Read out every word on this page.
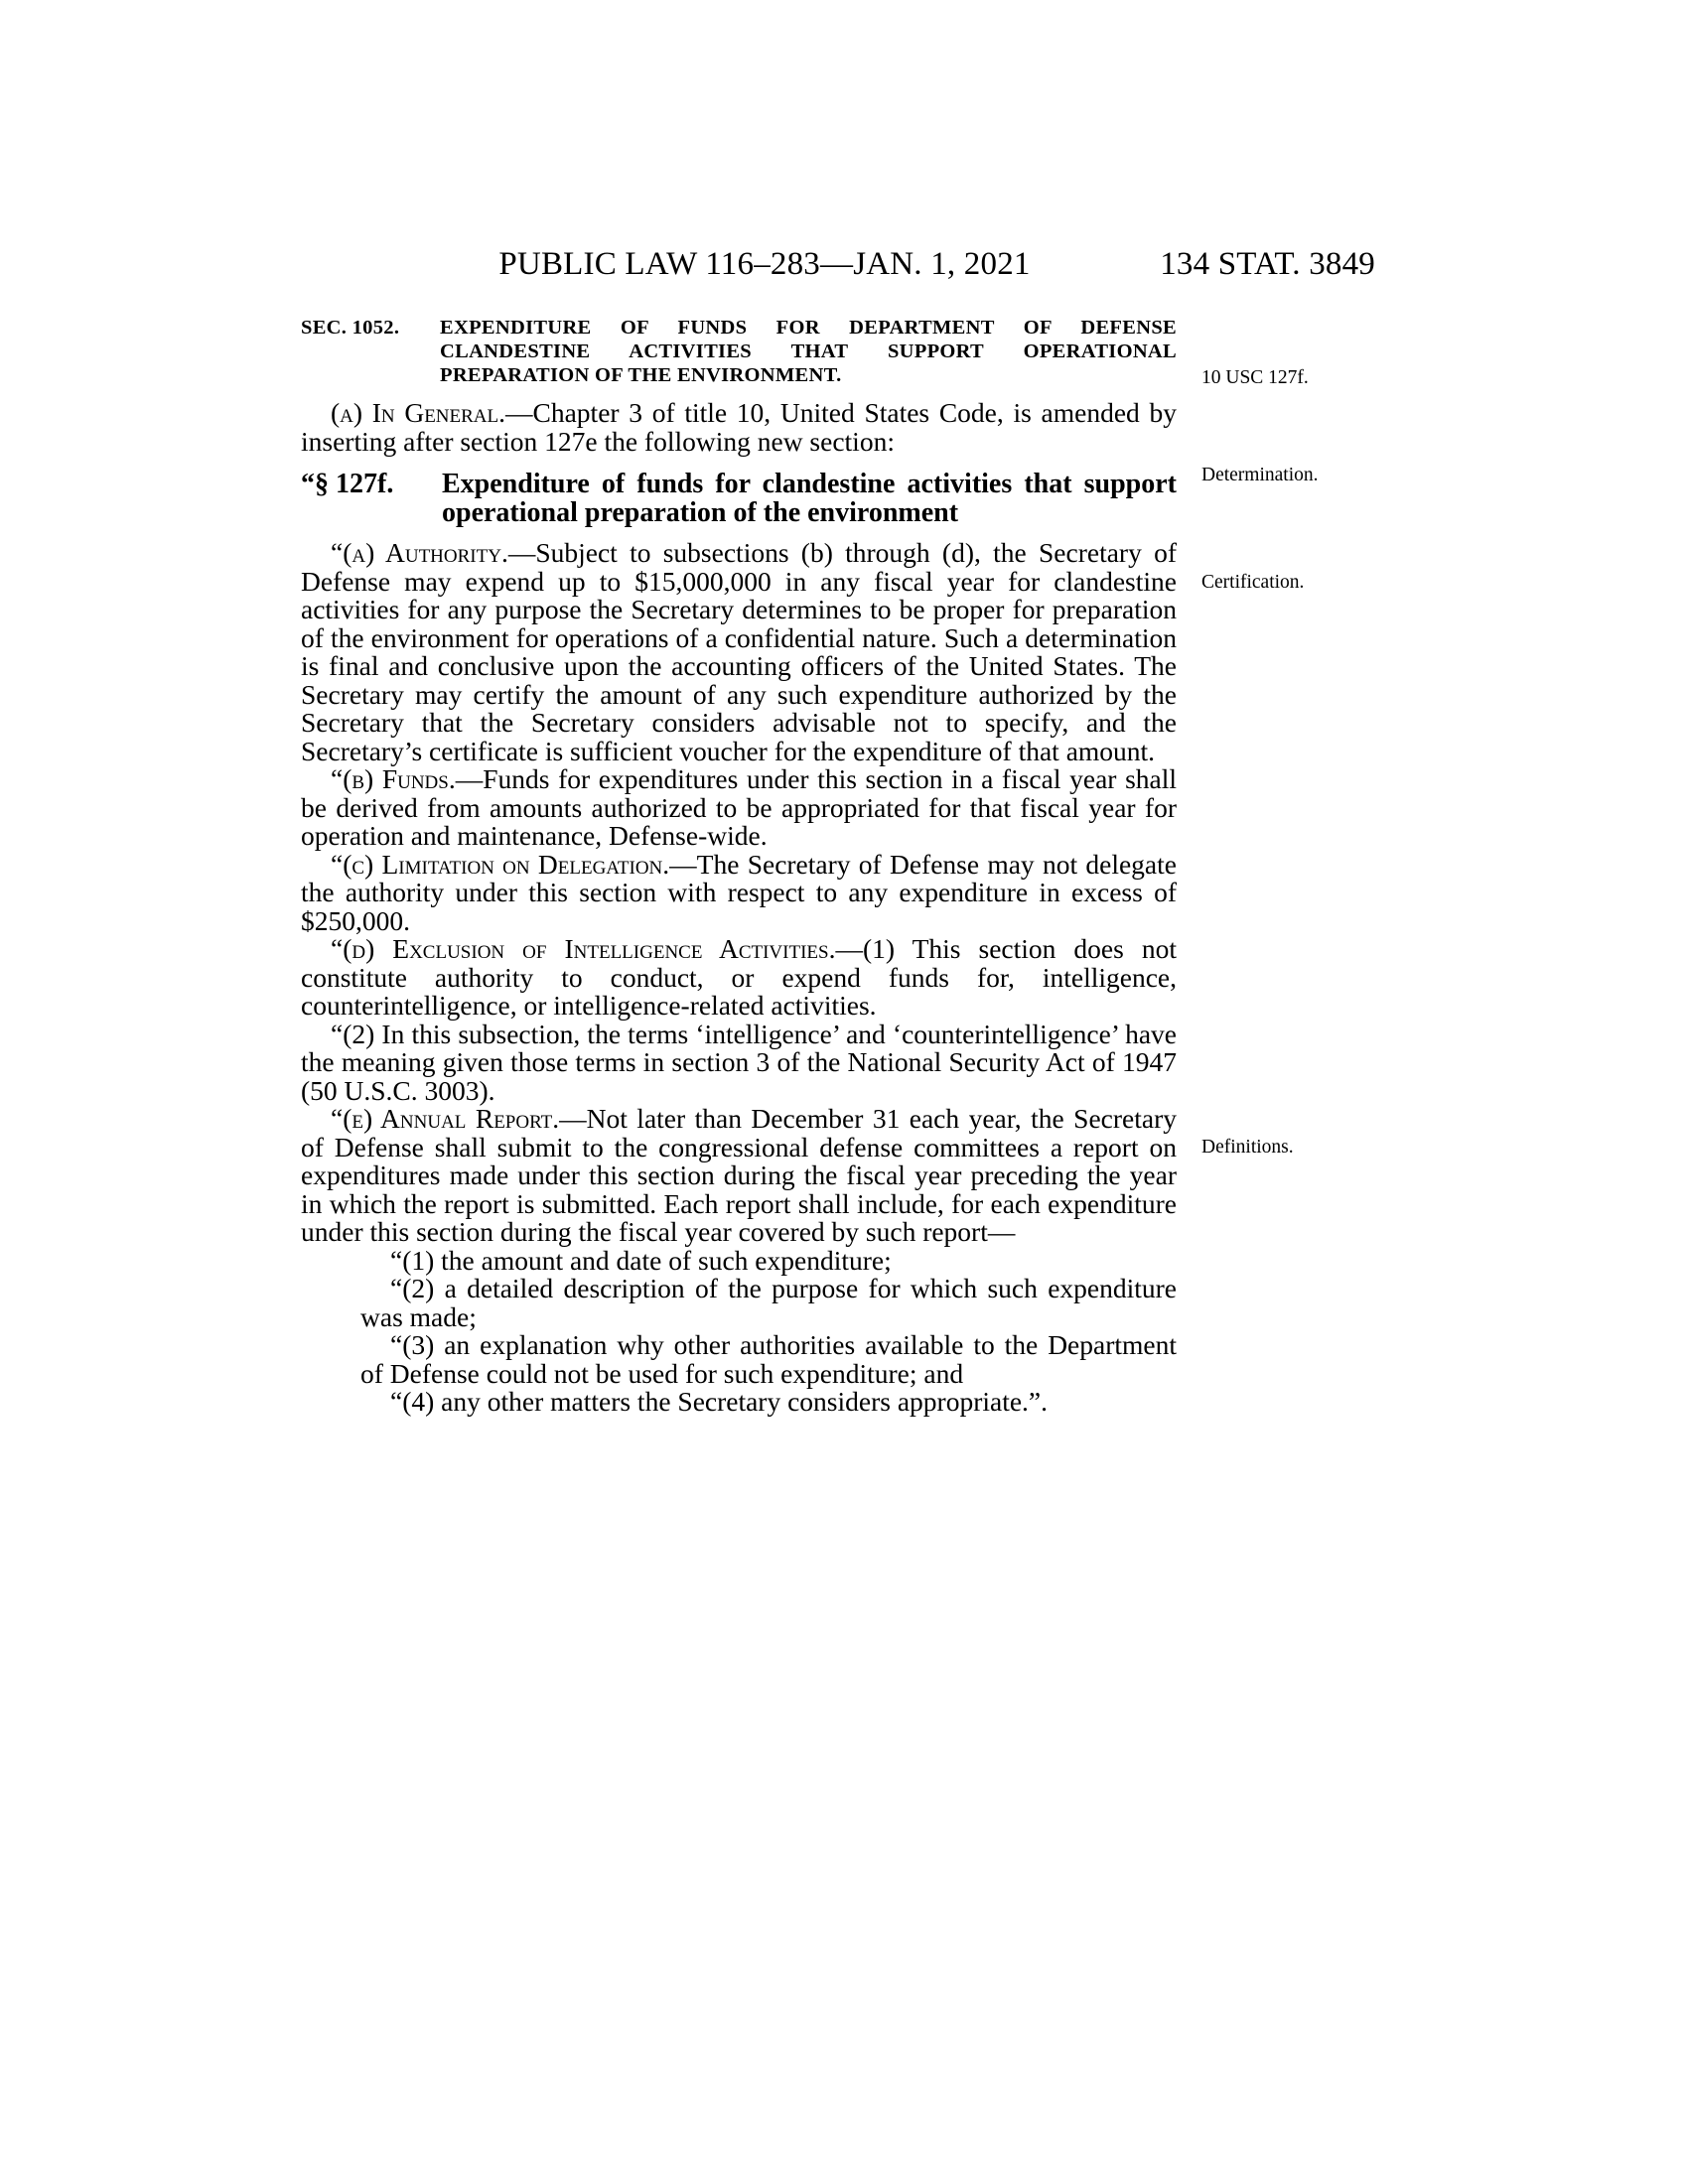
PUBLIC LAW 116–283—JAN. 1, 2021	134 STAT. 3849

SEC. 1052. EXPENDITURE OF FUNDS FOR DEPARTMENT OF DEFENSE CLANDESTINE ACTIVITIES THAT SUPPORT OPERATIONAL PREPARATION OF THE ENVIRONMENT.

(a) In General.—Chapter 3 of title 10, United States Code, is amended by inserting after section 127e the following new section:

“§ 127f. Expenditure of funds for clandestine activities that support operational preparation of the environment

“(a) Authority.—Subject to subsections (b) through (d), the Secretary of Defense may expend up to $15,000,000 in any fiscal year for clandestine activities for any purpose the Secretary determines to be proper for preparation of the environment for operations of a confidential nature. Such a determination is final and conclusive upon the accounting officers of the United States. The Secretary may certify the amount of any such expenditure authorized by the Secretary that the Secretary considers advisable not to specify, and the Secretary’s certificate is sufficient voucher for the expenditure of that amount.

“(b) Funds.—Funds for expenditures under this section in a fiscal year shall be derived from amounts authorized to be appropriated for that fiscal year for operation and maintenance, Defense-wide.

“(c) Limitation on Delegation.—The Secretary of Defense may not delegate the authority under this section with respect to any expenditure in excess of $250,000.

“(d) Exclusion of Intelligence Activities.—(1) This section does not constitute authority to conduct, or expend funds for, intelligence, counterintelligence, or intelligence-related activities.

“(2) In this subsection, the terms ‘intelligence’ and ‘counterintelligence’ have the meaning given those terms in section 3 of the National Security Act of 1947 (50 U.S.C. 3003).

“(e) Annual Report.—Not later than December 31 each year, the Secretary of Defense shall submit to the congressional defense committees a report on expenditures made under this section during the fiscal year preceding the year in which the report is submitted. Each report shall include, for each expenditure under this section during the fiscal year covered by such report—

“(1) the amount and date of such expenditure;

“(2) a detailed description of the purpose for which such expenditure was made;

“(3) an explanation why other authorities available to the Department of Defense could not be used for such expenditure; and

“(4) any other matters the Secretary considers appropriate.”.

10 USC 127f.
Determination.
Certification.
Definitions.
